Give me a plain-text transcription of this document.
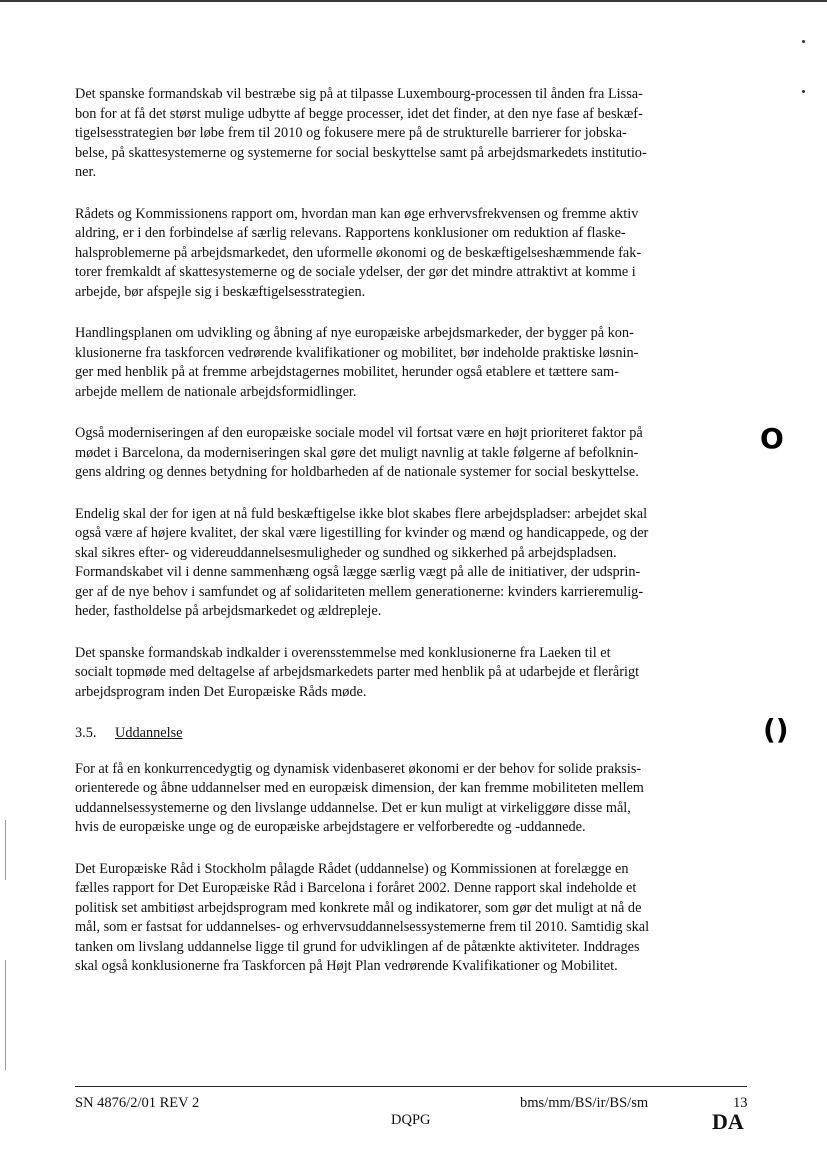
Det spanske formandskab vil bestræbe sig på at tilpasse Luxembourg-processen til ånden fra Lissa-
bon for at få det størst mulige udbytte af begge processer, idet det finder, at den nye fase af beskæf-
tigelsesstrategien bør løbe frem til 2010 og fokusere mere på de strukturelle barrierer for jobska-
belse, på skattesystemerne og systemerne for social beskyttelse samt på arbejdsmarkedets institutio-
ner.

Rådets og Kommissionens rapport om, hvordan man kan øge erhvervsfrekvensen og fremme aktiv
aldring, er i den forbindelse af særlig relevans. Rapportens konklusioner om reduktion af flaske-
halsproblemerne på arbejdsmarkedet, den uformelle økonomi og de beskæftigelseshæmmende fak-
torer fremkaldt af skattesystemerne og de sociale ydelser, der gør det mindre attraktivt at komme i
arbejde, bør afspejle sig i beskæftigelsesstrategien.

Handlingsplanen om udvikling og åbning af nye europæiske arbejdsmarkeder, der bygger på kon-
klusionerne fra taskforcen vedrørende kvalifikationer og mobilitet, bør indeholde praktiske løsnin-
ger med henblik på at fremme arbejdstagernes mobilitet, herunder også etablere et tættere sam-
arbejde mellem de nationale arbejdsformidlinger.

Også moderniseringen af den europæiske sociale model vil fortsat være en højt prioriteret faktor på
mødet i Barcelona, da moderniseringen skal gøre det muligt navnlig at takle følgerne af befolknin-
gens aldring og dennes betydning for holdbarheden af de nationale systemer for social beskyttelse.

Endelig skal der for igen at nå fuld beskæftigelse ikke blot skabes flere arbejdspladser: arbejdet skal
også være af højere kvalitet, der skal være ligestilling for kvinder og mænd og handicappede, og der
skal sikres efter- og videreuddannelsesmuligheder og sundhed og sikkerhed på arbejdspladsen.
Formandskabet vil i denne sammenhæng også lægge særlig vægt på alle de initiativer, der udsprin-
ger af de nye behov i samfundet og af solidariteten mellem generationerne: kvinders karrieremulig-
heder, fastholdelse på arbejdsmarkedet og ældrepleje.

Det spanske formandskab indkalder i overensstemmelse med konklusionerne fra Laeken til et
socialt topmøde med deltagelse af arbejdsmarkedets parter med henblik på at udarbejde et flerårigt
arbejdsprogram inden Det Europæiske Råds møde.

3.5. Uddannelse

For at få en konkurrencedygtig og dynamisk videnbaseret økonomi er der behov for solide praksis-
orienterede og åbne uddannelser med en europæisk dimension, der kan fremme mobiliteten mellem
uddannelsessystemerne og den livslange uddannelse. Det er kun muligt at virkeliggøre disse mål,
hvis de europæiske unge og de europæiske arbejdstagere er velforberedte og -uddannede.

Det Europæiske Råd i Stockholm pålagde Rådet (uddannelse) og Kommissionen at forelægge en
fælles rapport for Det Europæiske Råd i Barcelona i foråret 2002. Denne rapport skal indeholde et
politisk set ambitiøst arbejdsprogram med konkrete mål og indikatorer, som gør det muligt at nå de
mål, som er fastsat for uddannelses- og erhvervsuddannelsessystemerne frem til 2010. Samtidig skal
tanken om livslang uddannelse ligge til grund for udviklingen af de påtænkte aktiviteter. Inddrages
skal også konklusionerne fra Taskforcen på Højt Plan vedrørende Kvalifikationer og Mobilitet.

O
()
SN 4876/2/01 REV 2	bms/mm/BS/ir/BS/sm	13
DQPG	DA
